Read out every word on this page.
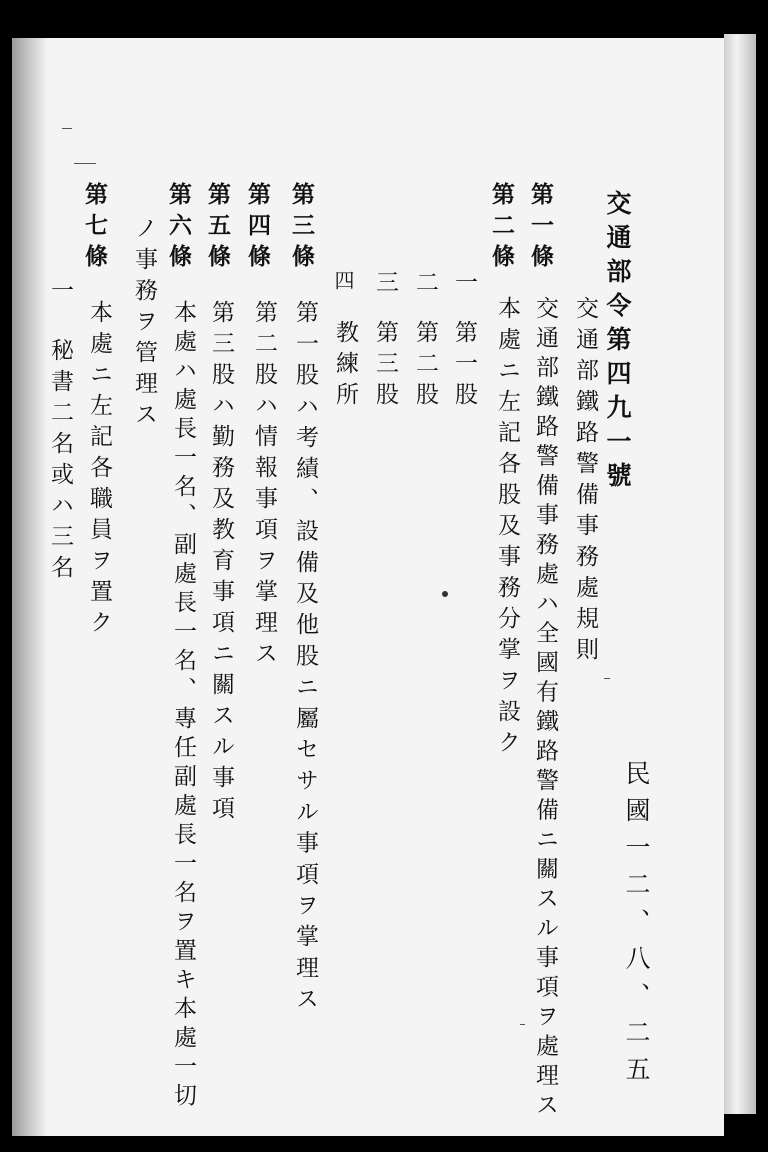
交通部令第四九一號
民國一二、八、二五
交通部鐵路警備事務處規則
第一條
交通部鐵路警備事務處ハ全國有鐵路警備ニ關スル事項ヲ處理ス
第二條
本處ニ左記各股及事務分掌ヲ設ク
一
第一股
二
第二股
三
第三股
四
教練所
第三條
第一股ハ考績、設備及他股ニ屬セサル事項ヲ掌理ス
第四條
第二股ハ情報事項ヲ掌理ス
第五條
第三股ハ勤務及教育事項ニ關スル事項
第六條
本處ハ處長一名、副處長一名、專任副處長一名ヲ置キ本處一切
ノ事務ヲ管理ス
第七條
本處ニ左記各職員ヲ置ク
一
秘書二名或ハ三名
